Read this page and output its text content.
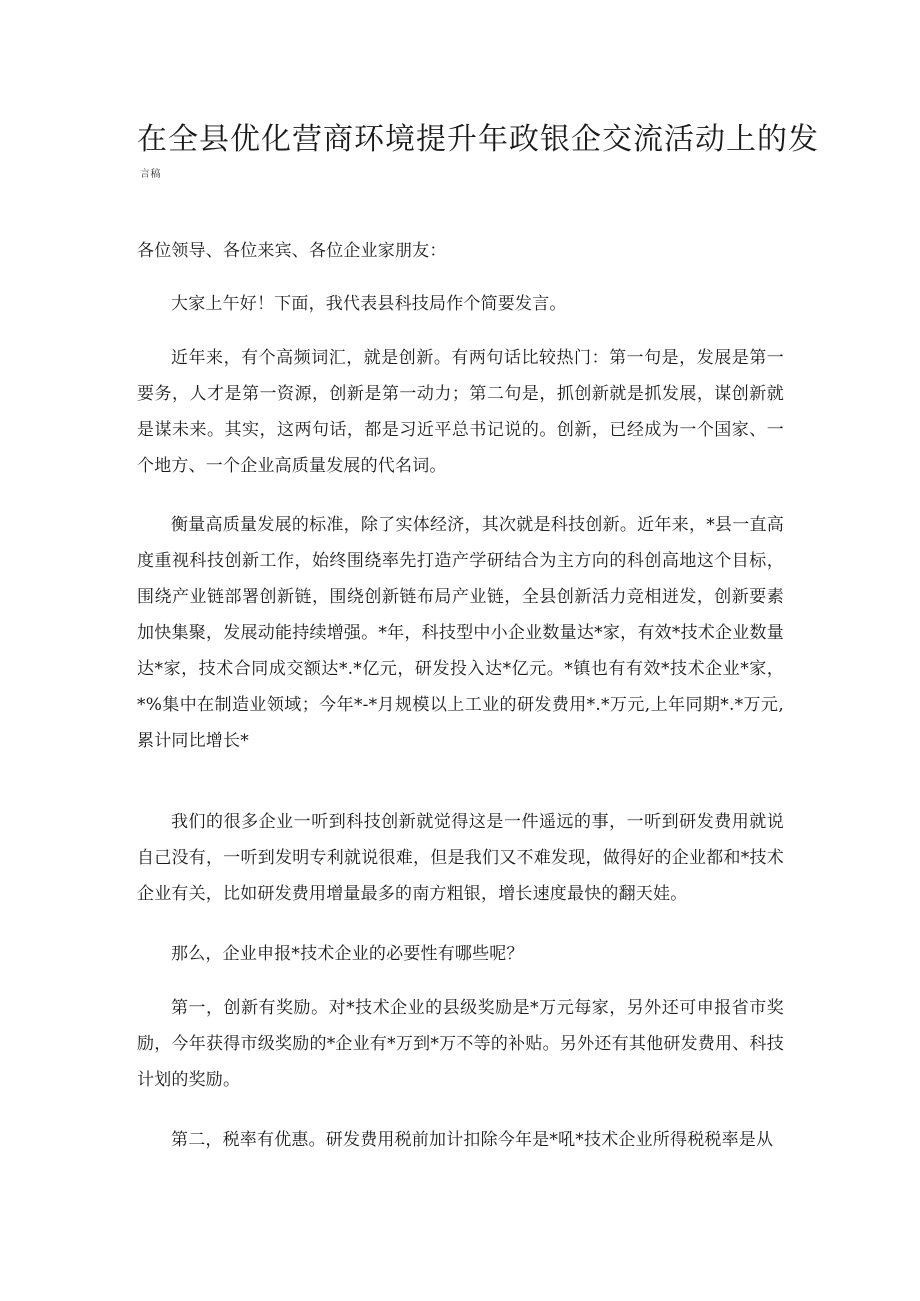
在全县优化营商环境提升年政银企交流活动上的发
言稿

各位领导、各位来宾、各位企业家朋友：

大家上午好！下面，我代表县科技局作个简要发言。

近年来，有个高频词汇，就是创新。有两句话比较热门：第一句是，发展是第一要务，人才是第一资源，创新是第一动力；第二句是，抓创新就是抓发展，谋创新就是谋未来。其实，这两句话，都是习近平总书记说的。创新，已经成为一个国家、一个地方、一个企业高质量发展的代名词。

衡量高质量发展的标准，除了实体经济，其次就是科技创新。近年来，*县一直高度重视科技创新工作，始终围绕率先打造产学研结合为主方向的科创高地这个目标，围绕产业链部署创新链，围绕创新链布局产业链，全县创新活力竞相迸发，创新要素加快集聚，发展动能持续增强。*年，科技型中小企业数量达*家，有效*技术企业数量达*家，技术合同成交额达*.*亿元，研发投入达*亿元。*镇也有有效*技术企业*家，*%集中在制造业领域；今年*-*月规模以上工业的研发费用*.*万元,上年同期*.*万元,累计同比增长*

我们的很多企业一听到科技创新就觉得这是一件遥远的事，一听到研发费用就说自己没有，一听到发明专利就说很难，但是我们又不难发现，做得好的企业都和*技术企业有关，比如研发费用增量最多的南方粗银，增长速度最快的翻天娃。

那么，企业申报*技术企业的必要性有哪些呢？

第一，创新有奖励。对*技术企业的县级奖励是*万元每家，另外还可申报省市奖励，今年获得市级奖励的*企业有*万到*万不等的补贴。另外还有其他研发费用、科技计划的奖励。

第二，税率有优惠。研发费用税前加计扣除今年是*吼*技术企业所得税税率是从
